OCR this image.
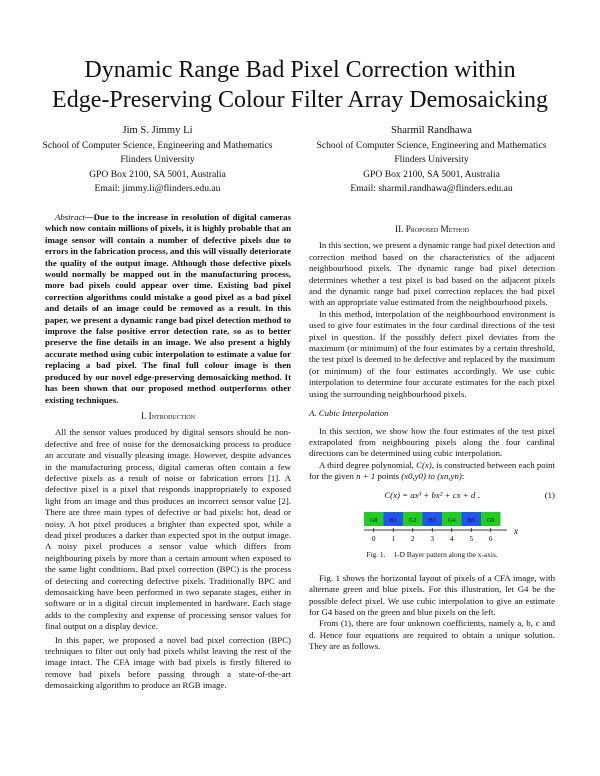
Dynamic Range Bad Pixel Correction within
Edge-Preserving Colour Filter Array Demosaicking
Jim S. Jimmy Li
School of Computer Science, Engineering and Mathematics
Flinders University
GPO Box 2100, SA 5001, Australia
Email: jimmy.li@flinders.edu.au
Sharmil Randhawa
School of Computer Science, Engineering and Mathematics
Flinders University
GPO Box 2100, SA 5001, Australia
Email: sharmil.randhawa@flinders.edu.au

Abstract—Due to the increase in resolution of digital cameras which now contain millions of pixels, it is highly probable that an image sensor will contain a number of defective pixels due to errors in the fabrication process, and this will visually deteriorate the quality of the output image. Although those defective pixels would normally be mapped out in the manufacturing process, more bad pixels could appear over time. Existing bad pixel correction algorithms could mistake a good pixel as a bad pixel and details of an image could be removed as a result. In this paper, we present a dynamic range bad pixel detection method to improve the false positive error detection rate, so as to better preserve the fine details in an image. We also present a highly accurate method using cubic interpolation to estimate a value for replacing a bad pixel. The final full colour image is then produced by our novel edge-preserving demosaicking method. It has been shown that our proposed method outperforms other existing techniques.

I. Introduction

All the sensor values produced by digital sensors should be non-defective and free of noise for the demosaicking process to produce an accurate and visually pleasing image. However, despite advances in the manufacturing process, digital cameras often contain a few defective pixels as a result of noise or fabrication errors [1]. A defective pixel is a pixel that responds inappropriately to exposed light from an image and thus produces an incorrect sensor value [2]. There are three main types of defective or bad pixels: hot, dead or noisy. A hot pixel produces a brighter than expected spot, while a dead pixel produces a darker than expected spot in the output image. A noisy pixel produces a sensor value which differs from neighbouring pixels by more than a certain amount when exposed to the same light conditions. Bad pixel correction (BPC) is the process of detecting and correcting defective pixels. Traditionally BPC and demosaicking have been performed in two separate stages, either in software or in a digital circuit implemented in hardware. Each stage adds to the complexity and expense of processing sensor values for final output on a display device.

In this paper, we proposed a novel bad pixel correction (BPC) techniques to filter out only bad pixels whilst leaving the rest of the image intact. The CFA image with bad pixels is firstly filtered to remove bad pixels before passing through a state-of-the-art demosaicking algorithm to produce an RGB image.

II. Proposed Method

In this section, we present a dynamic range bad pixel detection and correction method based on the characteristics of the adjacent neighbourhood pixels. The dynamic range bad pixel detection determines whether a test pixel is bad based on the adjacent pixels and the dynamic range bad pixel correction replaces the bad pixel with an appropriate value estimated from the neighbourhood pixels.

In this method, interpolation of the neighbourhood environment is used to give four estimates in the four cardinal directions of the test pixel in question. If the possibly defect pixel deviates from the maximum (or minimum) of the four estimates by a certain threshold, the test pixel is deemed to be defective and replaced by the maximum (or minimum) of the four estimates accordingly. We use cubic interpolation to determine four accurate estimates for the each pixel using the surrounding neighbourhood pixels.

A. Cubic Interpolation

In this section, we show how the four estimates of the test pixel extrapolated from neighbouring pixels along the four cardinal directions can be determined using cubic interpolation.

A third degree polynomial, C(x), is constructed between each point for the given n + 1 points (x0,y0) to (xn,yn):

C(x) = ax³ + bx² + cx + d .	(1)
G0 B1 G2 B3 G4 B5 G6
0 1 2 3 4 5 6
x
Fig. 1. 1-D Bayer pattern along the x-axis.

Fig. 1 shows the horizontal layout of pixels of a CFA image, with alternate green and blue pixels. For this illustration, let G4 be the possible defect pixel. We use cubic interpolation to give an estimate for G4 based on the green and blue pixels on the left.

From (1), there are four unknown coefficients, namely a, b, c and d. Hence four equations are required to obtain a unique solution. They are as follows.
